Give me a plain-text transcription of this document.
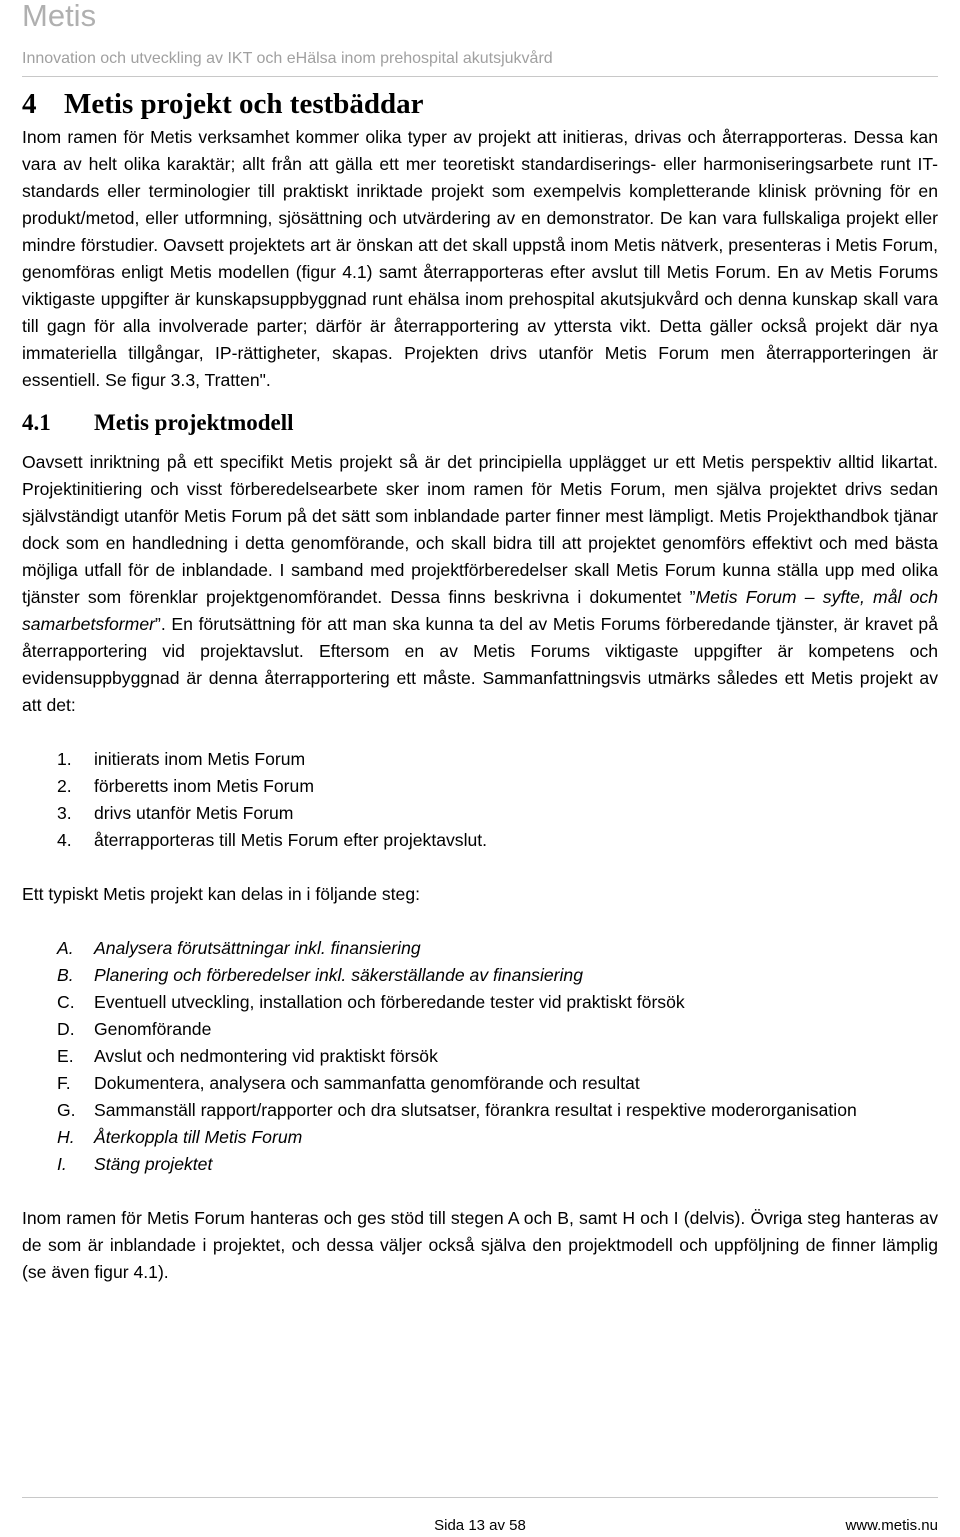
Metis
Innovation och utveckling av IKT och eHälsa inom prehospital akutsjukvård
4 Metis projekt och testbäddar

Inom ramen för Metis verksamhet kommer olika typer av projekt att initieras, drivas och återrapporteras. Dessa kan vara av helt olika karaktär; allt från att gälla ett mer teoretiskt standardiserings- eller harmoniseringsarbete runt IT-standards eller terminologier till praktiskt inriktade projekt som exempelvis kompletterande klinisk prövning för en produkt/metod, eller utformning, sjösättning och utvärdering av en demonstrator. De kan vara fullskaliga projekt eller mindre förstudier. Oavsett projektets art är önskan att det skall uppstå inom Metis nätverk, presenteras i Metis Forum, genomföras enligt Metis modellen (figur 4.1) samt återrapporteras efter avslut till Metis Forum. En av Metis Forums viktigaste uppgifter är kunskapsuppbyggnad runt ehälsa inom prehospital akutsjukvård och denna kunskap skall vara till gagn för alla involverade parter; därför är återrapportering av yttersta vikt. Detta gäller också projekt där nya immateriella tillgångar, IP-rättigheter, skapas. Projekten drivs utanför Metis Forum men återrapporteringen är essentiell. Se figur 3.3, Tratten".

4.1 Metis projektmodell

Oavsett inriktning på ett specifikt Metis projekt så är det principiella upplägget ur ett Metis perspektiv alltid likartat. Projektinitiering och visst förberedelsearbete sker inom ramen för Metis Forum, men själva projektet drivs sedan självständigt utanför Metis Forum på det sätt som inblandade parter finner mest lämpligt. Metis Projekthandbok tjänar dock som en handledning i detta genomförande, och skall bidra till att projektet genomförs effektivt och med bästa möjliga utfall för de inblandade. I samband med projektförberedelser skall Metis Forum kunna ställa upp med olika tjänster som förenklar projektgenomförandet. Dessa finns beskrivna i dokumentet ”Metis Forum – syfte, mål och samarbetsformer”. En förutsättning för att man ska kunna ta del av Metis Forums förberedande tjänster, är kravet på återrapportering vid projektavslut. Eftersom en av Metis Forums viktigaste uppgifter är kompetens och evidensuppbyggnad är denna återrapportering ett måste. Sammanfattningsvis utmärks således ett Metis projekt av att det:

1. initierats inom Metis Forum
2. förberetts inom Metis Forum
3. drivs utanför Metis Forum
4. återrapporteras till Metis Forum efter projektavslut.

Ett typiskt Metis projekt kan delas in i följande steg:

A. Analysera förutsättningar inkl. finansiering
B. Planering och förberedelser inkl. säkerställande av finansiering
C. Eventuell utveckling, installation och förberedande tester vid praktiskt försök
D. Genomförande
E. Avslut och nedmontering vid praktiskt försök
F. Dokumentera, analysera och sammanfatta genomförande och resultat
G. Sammanställ rapport/rapporter och dra slutsatser, förankra resultat i respektive moderorganisation
H. Återkoppla till Metis Forum
I. Stäng projektet

Inom ramen för Metis Forum hanteras och ges stöd till stegen A och B, samt H och I (delvis). Övriga steg hanteras av de som är inblandade i projektet, och dessa väljer också själva den projektmodell och uppföljning de finner lämplig (se även figur 4.1).

Sida 13 av 58	www.metis.nu
